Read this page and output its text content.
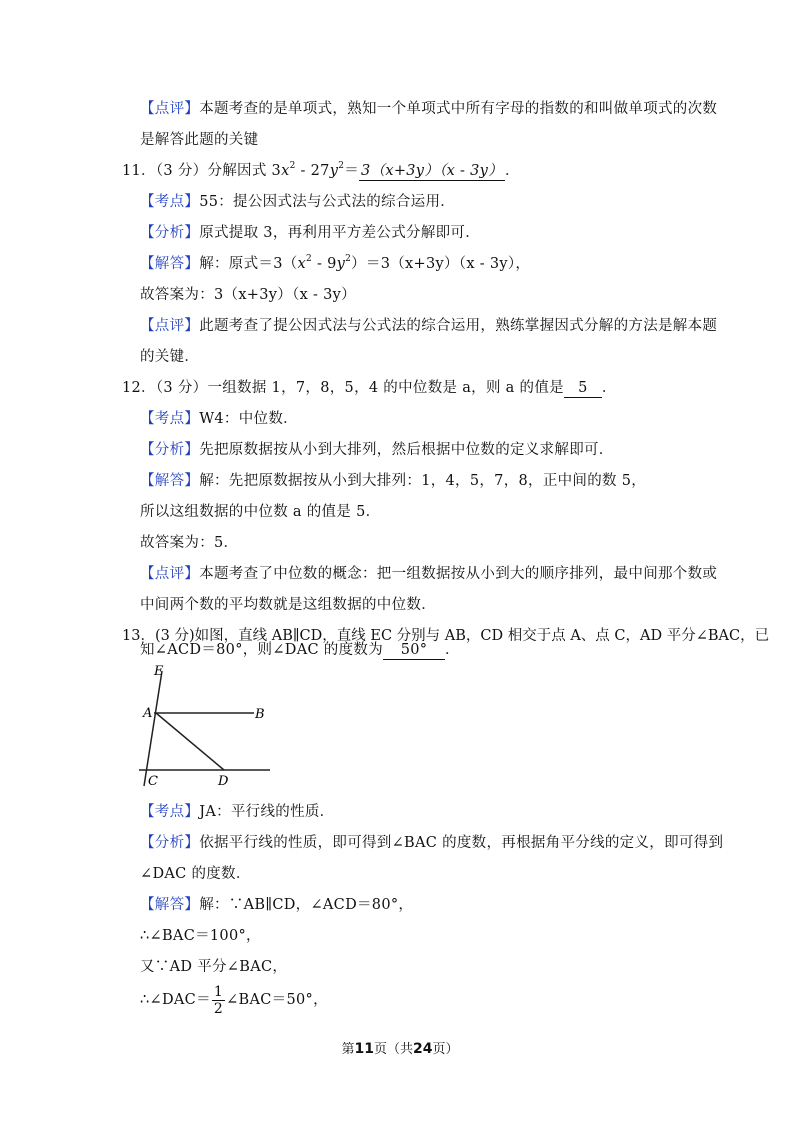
【点评】本题考查的是单项式，熟知一个单项式中所有字母的指数的和叫做单项式的次数
是解答此题的关键
11．（3 分）分解因式 $3x^2 - 27y^2= 3(x+3y)(x - 3y)$ ．
【考点】55：提公因式法与公式法的综合运用．
【分析】原式提取 3，再利用平方差公式分解即可．
【解答】解：原式$=3(x^2 - 9y^2)=3(x+3y)(x - 3y)$，
故答案为：3（x+3y）（x - 3y）
【点评】此题考查了提公因式法与公式法的综合运用，熟练掌握因式分解的方法是解本题
的关键．
12．（3 分）一组数据 1，7，8，5，4 的中位数是 a，则 a 的值是 5 ．
【考点】W4：中位数．
【分析】先把原数据按从小到大排列，然后根据中位数的定义求解即可．
【解答】解：先把原数据按从小到大排列：1，4，5，7，8，正中间的数 5，
所以这组数据的中位数 a 的值是 5．
故答案为：5．
【点评】本题考查了中位数的概念：把一组数据按从小到大的顺序排列，最中间那个数或
中间两个数的平均数就是这组数据的中位数．
13．(3 分)如图，直线 AB∥CD，直线 EC 分别与 AB，CD 相交于点 A、点 C，AD 平分∠BAC，已
知∠ACD＝80°，则∠DAC 的度数为 50° ．
E
A	B
C	D
【考点】JA：平行线的性质．
【分析】依据平行线的性质，即可得到∠BAC 的度数，再根据角平分线的定义，即可得到
∠DAC 的度数．
【解答】解：∵AB∥CD，∠ACD＝80°，
∴∠BAC＝100°，
又∵AD 平分∠BAC，
∴∠DAC＝ $\frac{1}{2}$ ∠BAC＝50°，
第11页（共24页）
